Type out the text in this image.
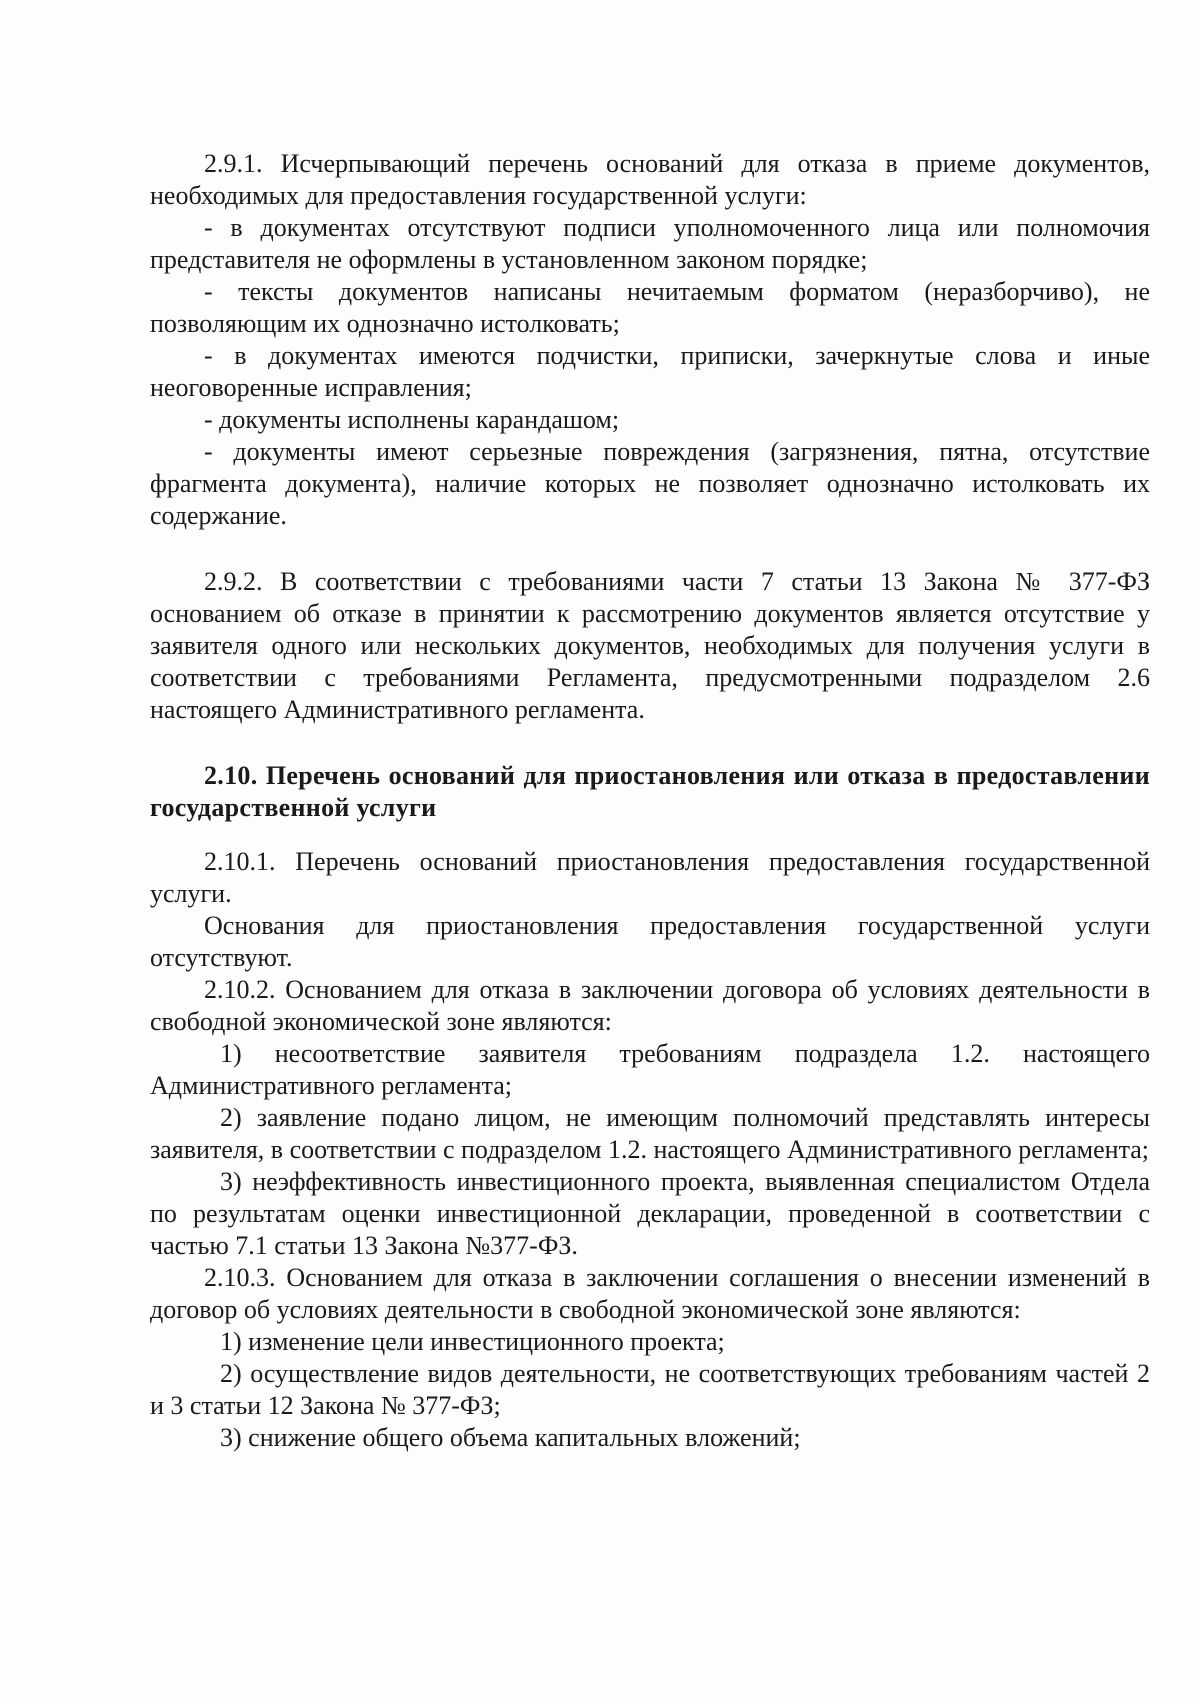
2.9.1. Исчерпывающий перечень оснований для отказа в приеме документов, необходимых для предоставления государственной услуги:

- в документах отсутствуют подписи уполномоченного лица или полномочия представителя не оформлены в установленном законом порядке;

- тексты документов написаны нечитаемым форматом (неразборчиво), не позволяющим их однозначно истолковать;

- в документах имеются подчистки, приписки, зачеркнутые слова и иные неоговоренные исправления;

- документы исполнены карандашом;

- документы имеют серьезные повреждения (загрязнения, пятна, отсутствие фрагмента документа), наличие которых не позволяет однозначно истолковать их содержание.

2.9.2. В соответствии с требованиями части 7 статьи 13 Закона № 377-ФЗ основанием об отказе в принятии к рассмотрению документов является отсутствие у заявителя одного или нескольких документов, необходимых для получения услуги в соответствии с требованиями Регламента, предусмотренными подразделом 2.6 настоящего Административного регламента.

2.10. Перечень оснований для приостановления или отказа в предоставлении государственной услуги

2.10.1. Перечень оснований приостановления предоставления государственной услуги.

Основания для приостановления предоставления государственной услуги отсутствуют.

2.10.2. Основанием для отказа в заключении договора об условиях деятельности в свободной экономической зоне являются:

1) несоответствие заявителя требованиям подраздела 1.2. настоящего Административного регламента;

2) заявление подано лицом, не имеющим полномочий представлять интересы заявителя, в соответствии с подразделом 1.2. настоящего Административного регламента;

3) неэффективность инвестиционного проекта, выявленная специалистом Отдела по результатам оценки инвестиционной декларации, проведенной в соответствии с частью 7.1 статьи 13 Закона №377-ФЗ.

2.10.3. Основанием для отказа в заключении соглашения о внесении изменений в договор об условиях деятельности в свободной экономической зоне являются:

1) изменение цели инвестиционного проекта;

2) осуществление видов деятельности, не соответствующих требованиям частей 2 и 3 статьи 12 Закона № 377-ФЗ;

3) снижение общего объема капитальных вложений;
